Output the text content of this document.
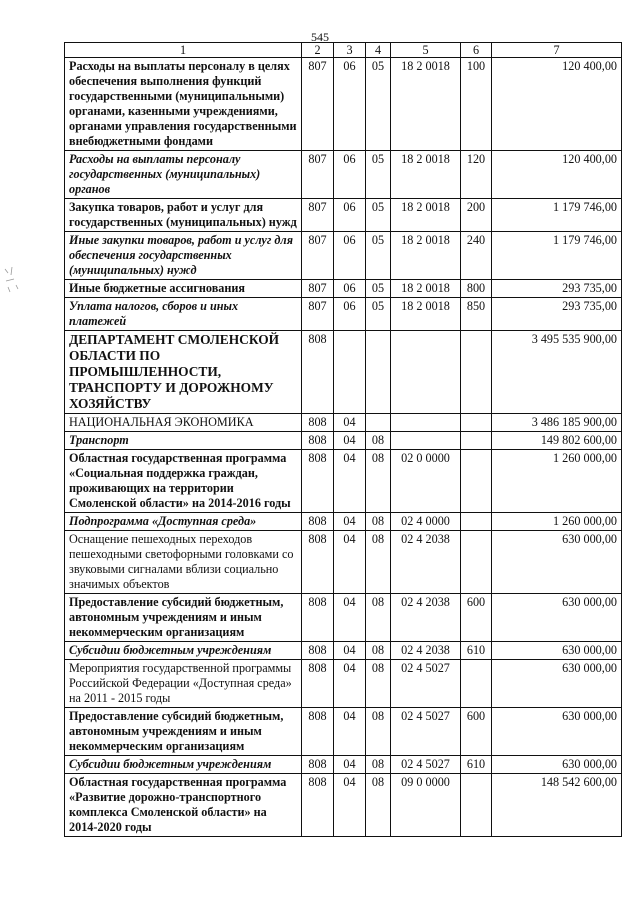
545
1	2	3	4	5	6	7
Расходы на выплаты персоналу в целях обеспечения выполнения функций государственными (муниципальными) органами, казенными учреждениями, органами управления государственными внебюджетными фондами	807	06	05	18 2 0018	100	120 400,00
Расходы на выплаты персоналу государственных (муниципальных) органов	807	06	05	18 2 0018	120	120 400,00
Закупка товаров, работ и услуг для государственных (муниципальных) нужд	807	06	05	18 2 0018	200	1 179 746,00
Иные закупки товаров, работ и услуг для обеспечения государственных (муниципальных) нужд	807	06	05	18 2 0018	240	1 179 746,00
Иные бюджетные ассигнования	807	06	05	18 2 0018	800	293 735,00
Уплата налогов, сборов и иных платежей	807	06	05	18 2 0018	850	293 735,00
ДЕПАРТАМЕНТ СМОЛЕНСКОЙ ОБЛАСТИ ПО ПРОМЫШЛЕННОСТИ, ТРАНСПОРТУ И ДОРОЖНОМУ ХОЗЯЙСТВУ	808					3 495 535 900,00
НАЦИОНАЛЬНАЯ ЭКОНОМИКА	808	04				3 486 185 900,00
Транспорт	808	04	08			149 802 600,00
Областная государственная программа «Социальная поддержка граждан, проживающих на территории Смоленской области» на 2014-2016 годы	808	04	08	02 0 0000		1 260 000,00
Подпрограмма «Доступная среда»	808	04	08	02 4 0000		1 260 000,00
Оснащение пешеходных переходов пешеходными светофорными головками со звуковыми сигналами вблизи социально значимых объектов	808	04	08	02 4 2038		630 000,00
Предоставление субсидий бюджетным, автономным учреждениям и иным некоммерческим организациям	808	04	08	02 4 2038	600	630 000,00
Субсидии бюджетным учреждениям	808	04	08	02 4 2038	610	630 000,00
Мероприятия государственной программы Российской Федерации «Доступная среда» на 2011 - 2015 годы	808	04	08	02 4 5027		630 000,00
Предоставление субсидий бюджетным, автономным учреждениям и иным некоммерческим организациям	808	04	08	02 4 5027	600	630 000,00
Субсидии бюджетным учреждениям	808	04	08	02 4 5027	610	630 000,00
Областная государственная программа «Развитие дорожно-транспортного комплекса Смоленской области» на 2014-2020 годы	808	04	08	09 0 0000		148 542 600,00
